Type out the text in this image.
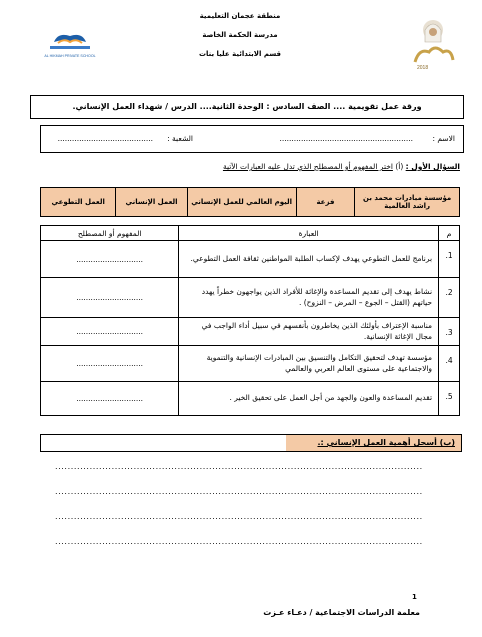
منطقة عجمان التعليمية
مدرسة الحكمة الخاصة
قسم الابتدائية عليا بنات
AL HIKMAH PRIVATE SCHOOL
2018
ورقة عمل تقويمية .... الصف السادس : الوحدة الثانية.... الدرس / شهداء العمل الإنساني.
الاسم :
........................................................
الشعبة :
........................................
السؤال الأول : (أ) اختر المفهوم أو المصطلح الذي تدل عليه العبارات الآتية
مؤسسة مبادرات محمد بن راشد العالمية	فزعة	اليوم العالمي للعمل الإنساني	العمل الإنساني	العمل التطوعي
م	العبارة	المفهوم أو المصطلح
1.	برنامج للعمل التطوعي يهدف لإكساب الطلبة المواطنين ثقافة العمل التطوعي.	............................
2.	نشاط يهدف إلى تقديم المساعدة والإغاثة للأفراد الذين يواجهون خطراً يهدد حياتهم (القتل – الجوع – المرض – النزوح) .	............................
3.	مناسبة الإعتراف بأولئك الذين يخاطرون بأنفسهم في سبيل أداء الواجب في مجال الإغاثة الإنسانية.	............................
4.	مؤسسة تهدف لتحقيق التكامل والتنسيق بين المبادرات الإنسانية والتنموية والاجتماعية على مستوى العالم العربي والعالمي	............................
5.	تقديم المساعدة والعون والجهد من أجل العمل على تحقيق الخير .	............................
(ب) أسجل أهمية العمل الإنساني :.
.....................................................................................................................
.....................................................................................................................
.....................................................................................................................
.....................................................................................................................
1
معلمة الدراسات الاجتماعية / دعـاء عـزت
